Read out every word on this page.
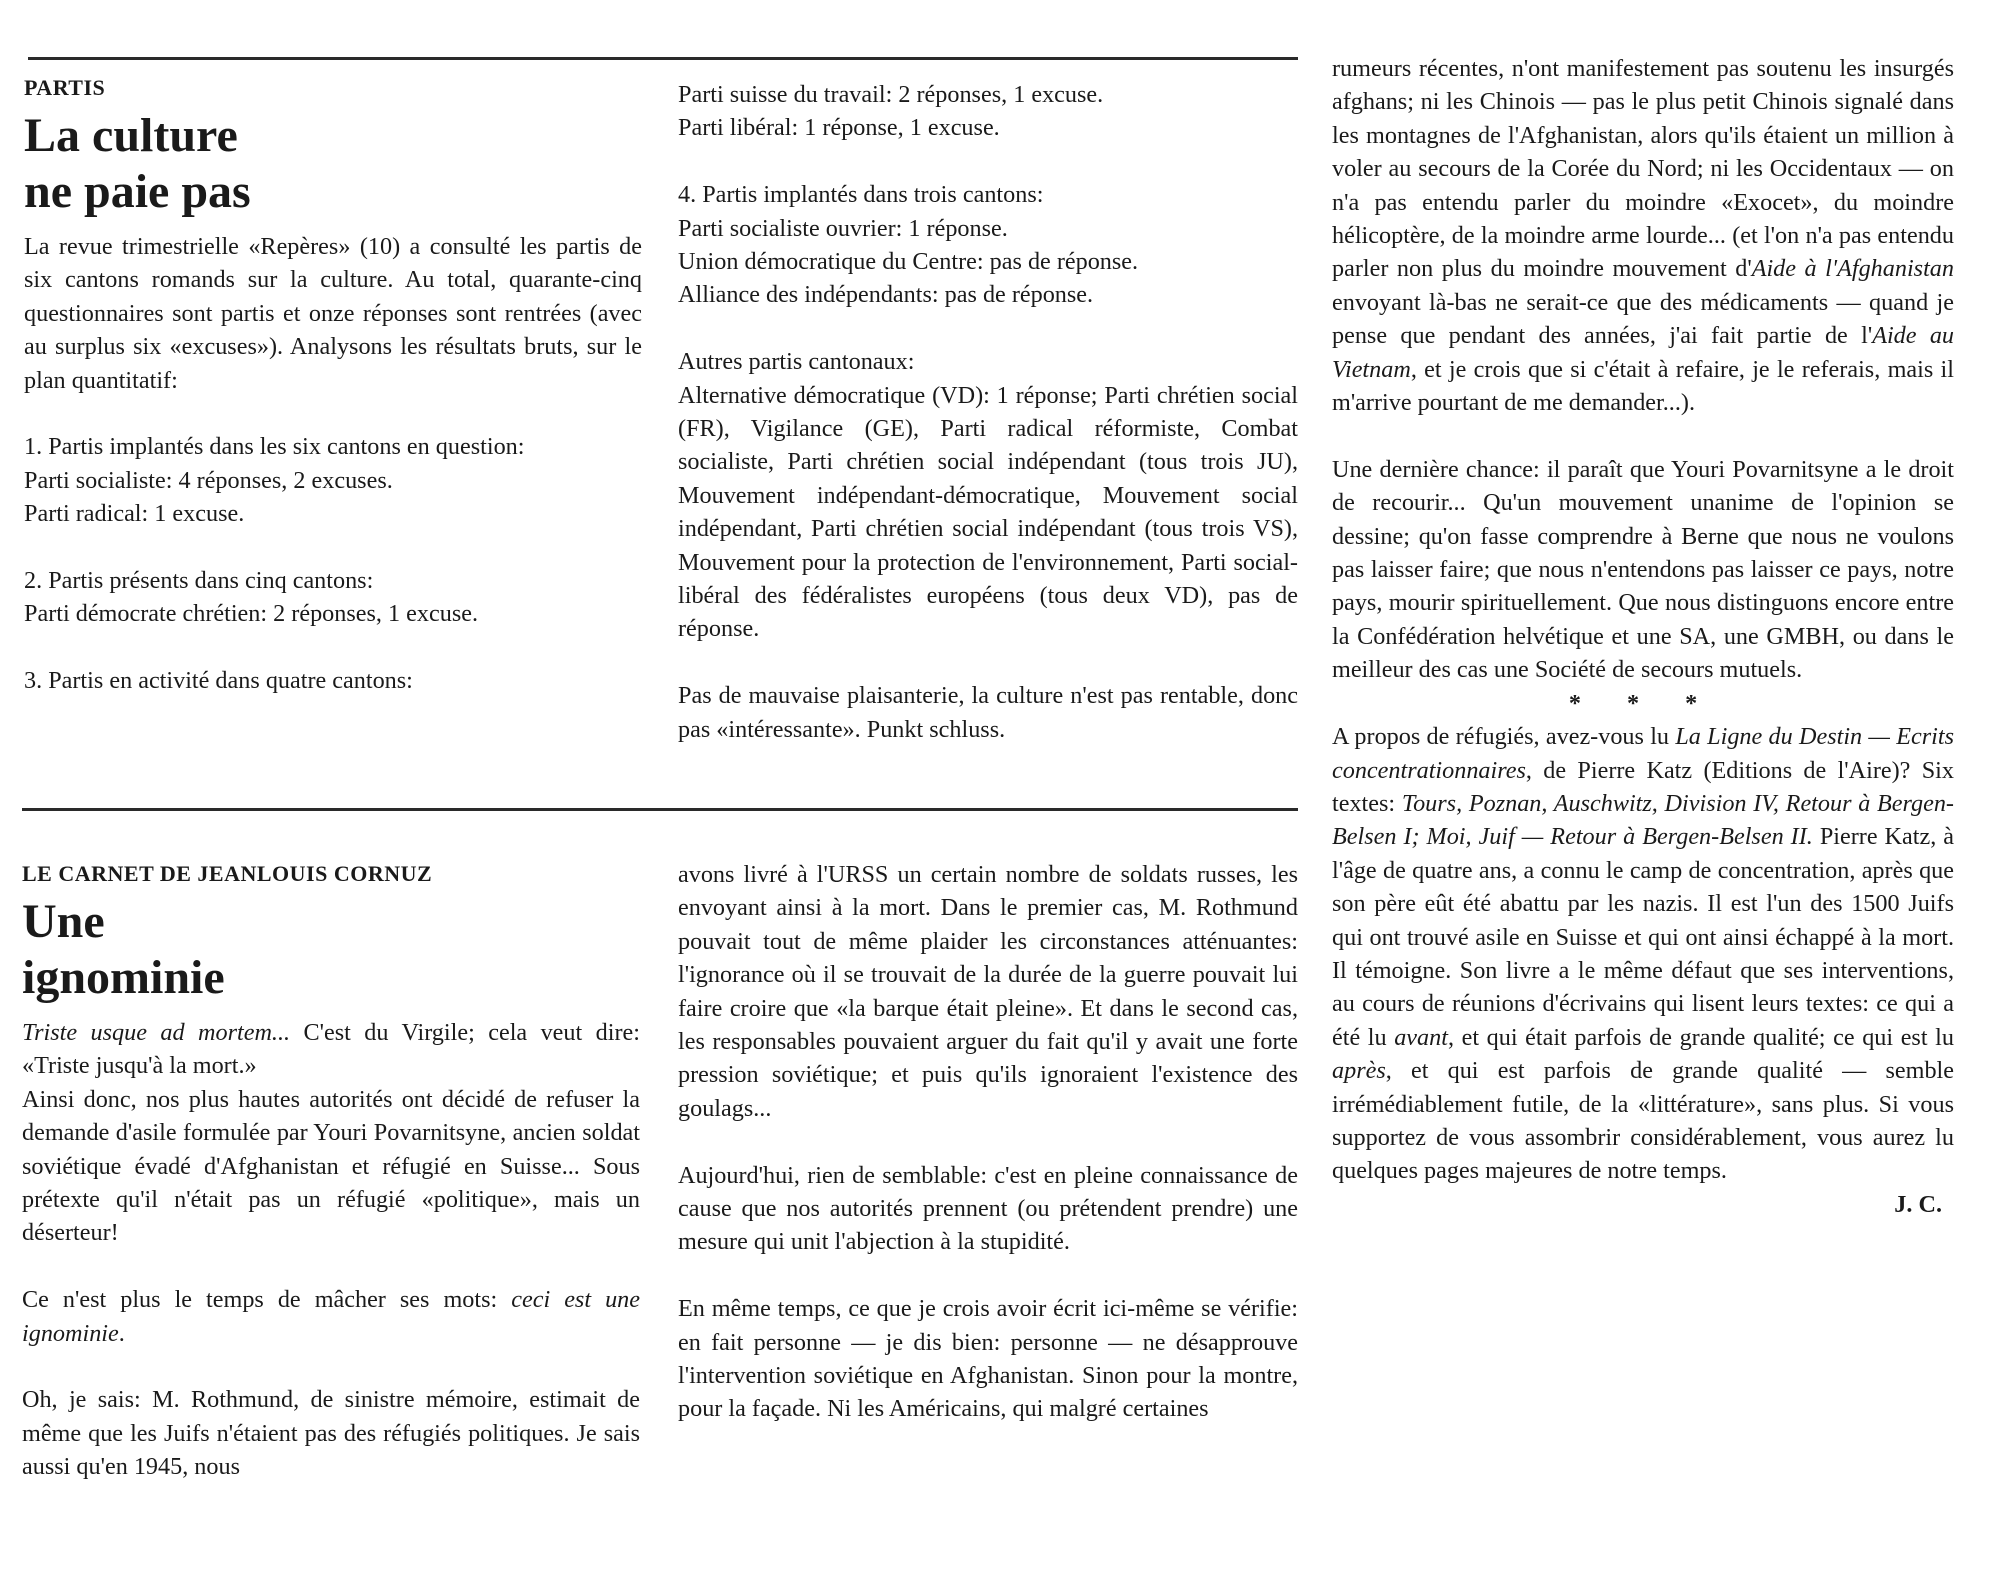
PARTIS

La culture
ne paie pas

La revue trimestrielle «Repères» (10) a consulté les partis de six cantons romands sur la culture. Au total, quarante-cinq questionnaires sont partis et onze réponses sont rentrées (avec au surplus six «excuses»). Analysons les résultats bruts, sur le plan quantitatif:

1. Partis implantés dans les six cantons en question:

Parti socialiste: 4 réponses, 2 excuses.

Parti radical: 1 excuse.

2. Partis présents dans cinq cantons:

Parti démocrate chrétien: 2 réponses, 1 excuse.

3. Partis en activité dans quatre cantons:

Parti suisse du travail: 2 réponses, 1 excuse.

Parti libéral: 1 réponse, 1 excuse.

4. Partis implantés dans trois cantons:

Parti socialiste ouvrier: 1 réponse.

Union démocratique du Centre: pas de réponse.

Alliance des indépendants: pas de réponse.

Autres partis cantonaux:

Alternative démocratique (VD): 1 réponse; Parti chrétien social (FR), Vigilance (GE), Parti radical réformiste, Combat socialiste, Parti chrétien social indépendant (tous trois JU), Mouvement indépendant-démocratique, Mouvement social indépendant, Parti chrétien social indépendant (tous trois VS), Mouvement pour la protection de l'environnement, Parti social-libéral des fédéralistes européens (tous deux VD), pas de réponse.

Pas de mauvaise plaisanterie, la culture n'est pas rentable, donc pas «intéressante». Punkt schluss.

LE CARNET DE JEANLOUIS CORNUZ

Une
ignominie

Triste usque ad mortem... C'est du Virgile; cela veut dire: «Triste jusqu'à la mort.»

Ainsi donc, nos plus hautes autorités ont décidé de refuser la demande d'asile formulée par Youri Povarnitsyne, ancien soldat soviétique évadé d'Afghanistan et réfugié en Suisse... Sous prétexte qu'il n'était pas un réfugié «politique», mais un déserteur!

Ce n'est plus le temps de mâcher ses mots: ceci est une ignominie.

Oh, je sais: M. Rothmund, de sinistre mémoire, estimait de même que les Juifs n'étaient pas des réfugiés politiques. Je sais aussi qu'en 1945, nous

avons livré à l'URSS un certain nombre de soldats russes, les envoyant ainsi à la mort. Dans le premier cas, M. Rothmund pouvait tout de même plaider les circonstances atténuantes: l'ignorance où il se trouvait de la durée de la guerre pouvait lui faire croire que «la barque était pleine». Et dans le second cas, les responsables pouvaient arguer du fait qu'il y avait une forte pression soviétique; et puis qu'ils ignoraient l'existence des goulags...

Aujourd'hui, rien de semblable: c'est en pleine connaissance de cause que nos autorités prennent (ou prétendent prendre) une mesure qui unit l'abjection à la stupidité.

En même temps, ce que je crois avoir écrit ici-même se vérifie: en fait personne — je dis bien: personne — ne désapprouve l'intervention soviétique en Afghanistan. Sinon pour la montre, pour la façade. Ni les Américains, qui malgré certaines

rumeurs récentes, n'ont manifestement pas soutenu les insurgés afghans; ni les Chinois — pas le plus petit Chinois signalé dans les montagnes de l'Afghanistan, alors qu'ils étaient un million à voler au secours de la Corée du Nord; ni les Occidentaux — on n'a pas entendu parler du moindre «Exocet», du moindre hélicoptère, de la moindre arme lourde... (et l'on n'a pas entendu parler non plus du moindre mouvement d'Aide à l'Afghanistan envoyant là-bas ne serait-ce que des médicaments — quand je pense que pendant des années, j'ai fait partie de l'Aide au Vietnam, et je crois que si c'était à refaire, je le referais, mais il m'arrive pourtant de me demander...).

Une dernière chance: il paraît que Youri Povarnitsyne a le droit de recourir... Qu'un mouvement unanime de l'opinion se dessine; qu'on fasse comprendre à Berne que nous ne voulons pas laisser faire; que nous n'entendons pas laisser ce pays, notre pays, mourir spirituellement. Que nous distinguons encore entre la Confédération helvétique et une SA, une GMBH, ou dans le meilleur des cas une Société de secours mutuels.

* * *

A propos de réfugiés, avez-vous lu La Ligne du Destin — Ecrits concentrationnaires, de Pierre Katz (Editions de l'Aire)? Six textes: Tours, Poznan, Auschwitz, Division IV, Retour à Bergen-Belsen I; Moi, Juif — Retour à Bergen-Belsen II. Pierre Katz, à l'âge de quatre ans, a connu le camp de concentration, après que son père eût été abattu par les nazis. Il est l'un des 1500 Juifs qui ont trouvé asile en Suisse et qui ont ainsi échappé à la mort. Il témoigne. Son livre a le même défaut que ses interventions, au cours de réunions d'écrivains qui lisent leurs textes: ce qui a été lu avant, et qui était parfois de grande qualité; ce qui est lu après, et qui est parfois de grande qualité — semble irrémédiablement futile, de la «littérature», sans plus. Si vous supportez de vous assombrir considérablement, vous aurez lu quelques pages majeures de notre temps.

J. C.
